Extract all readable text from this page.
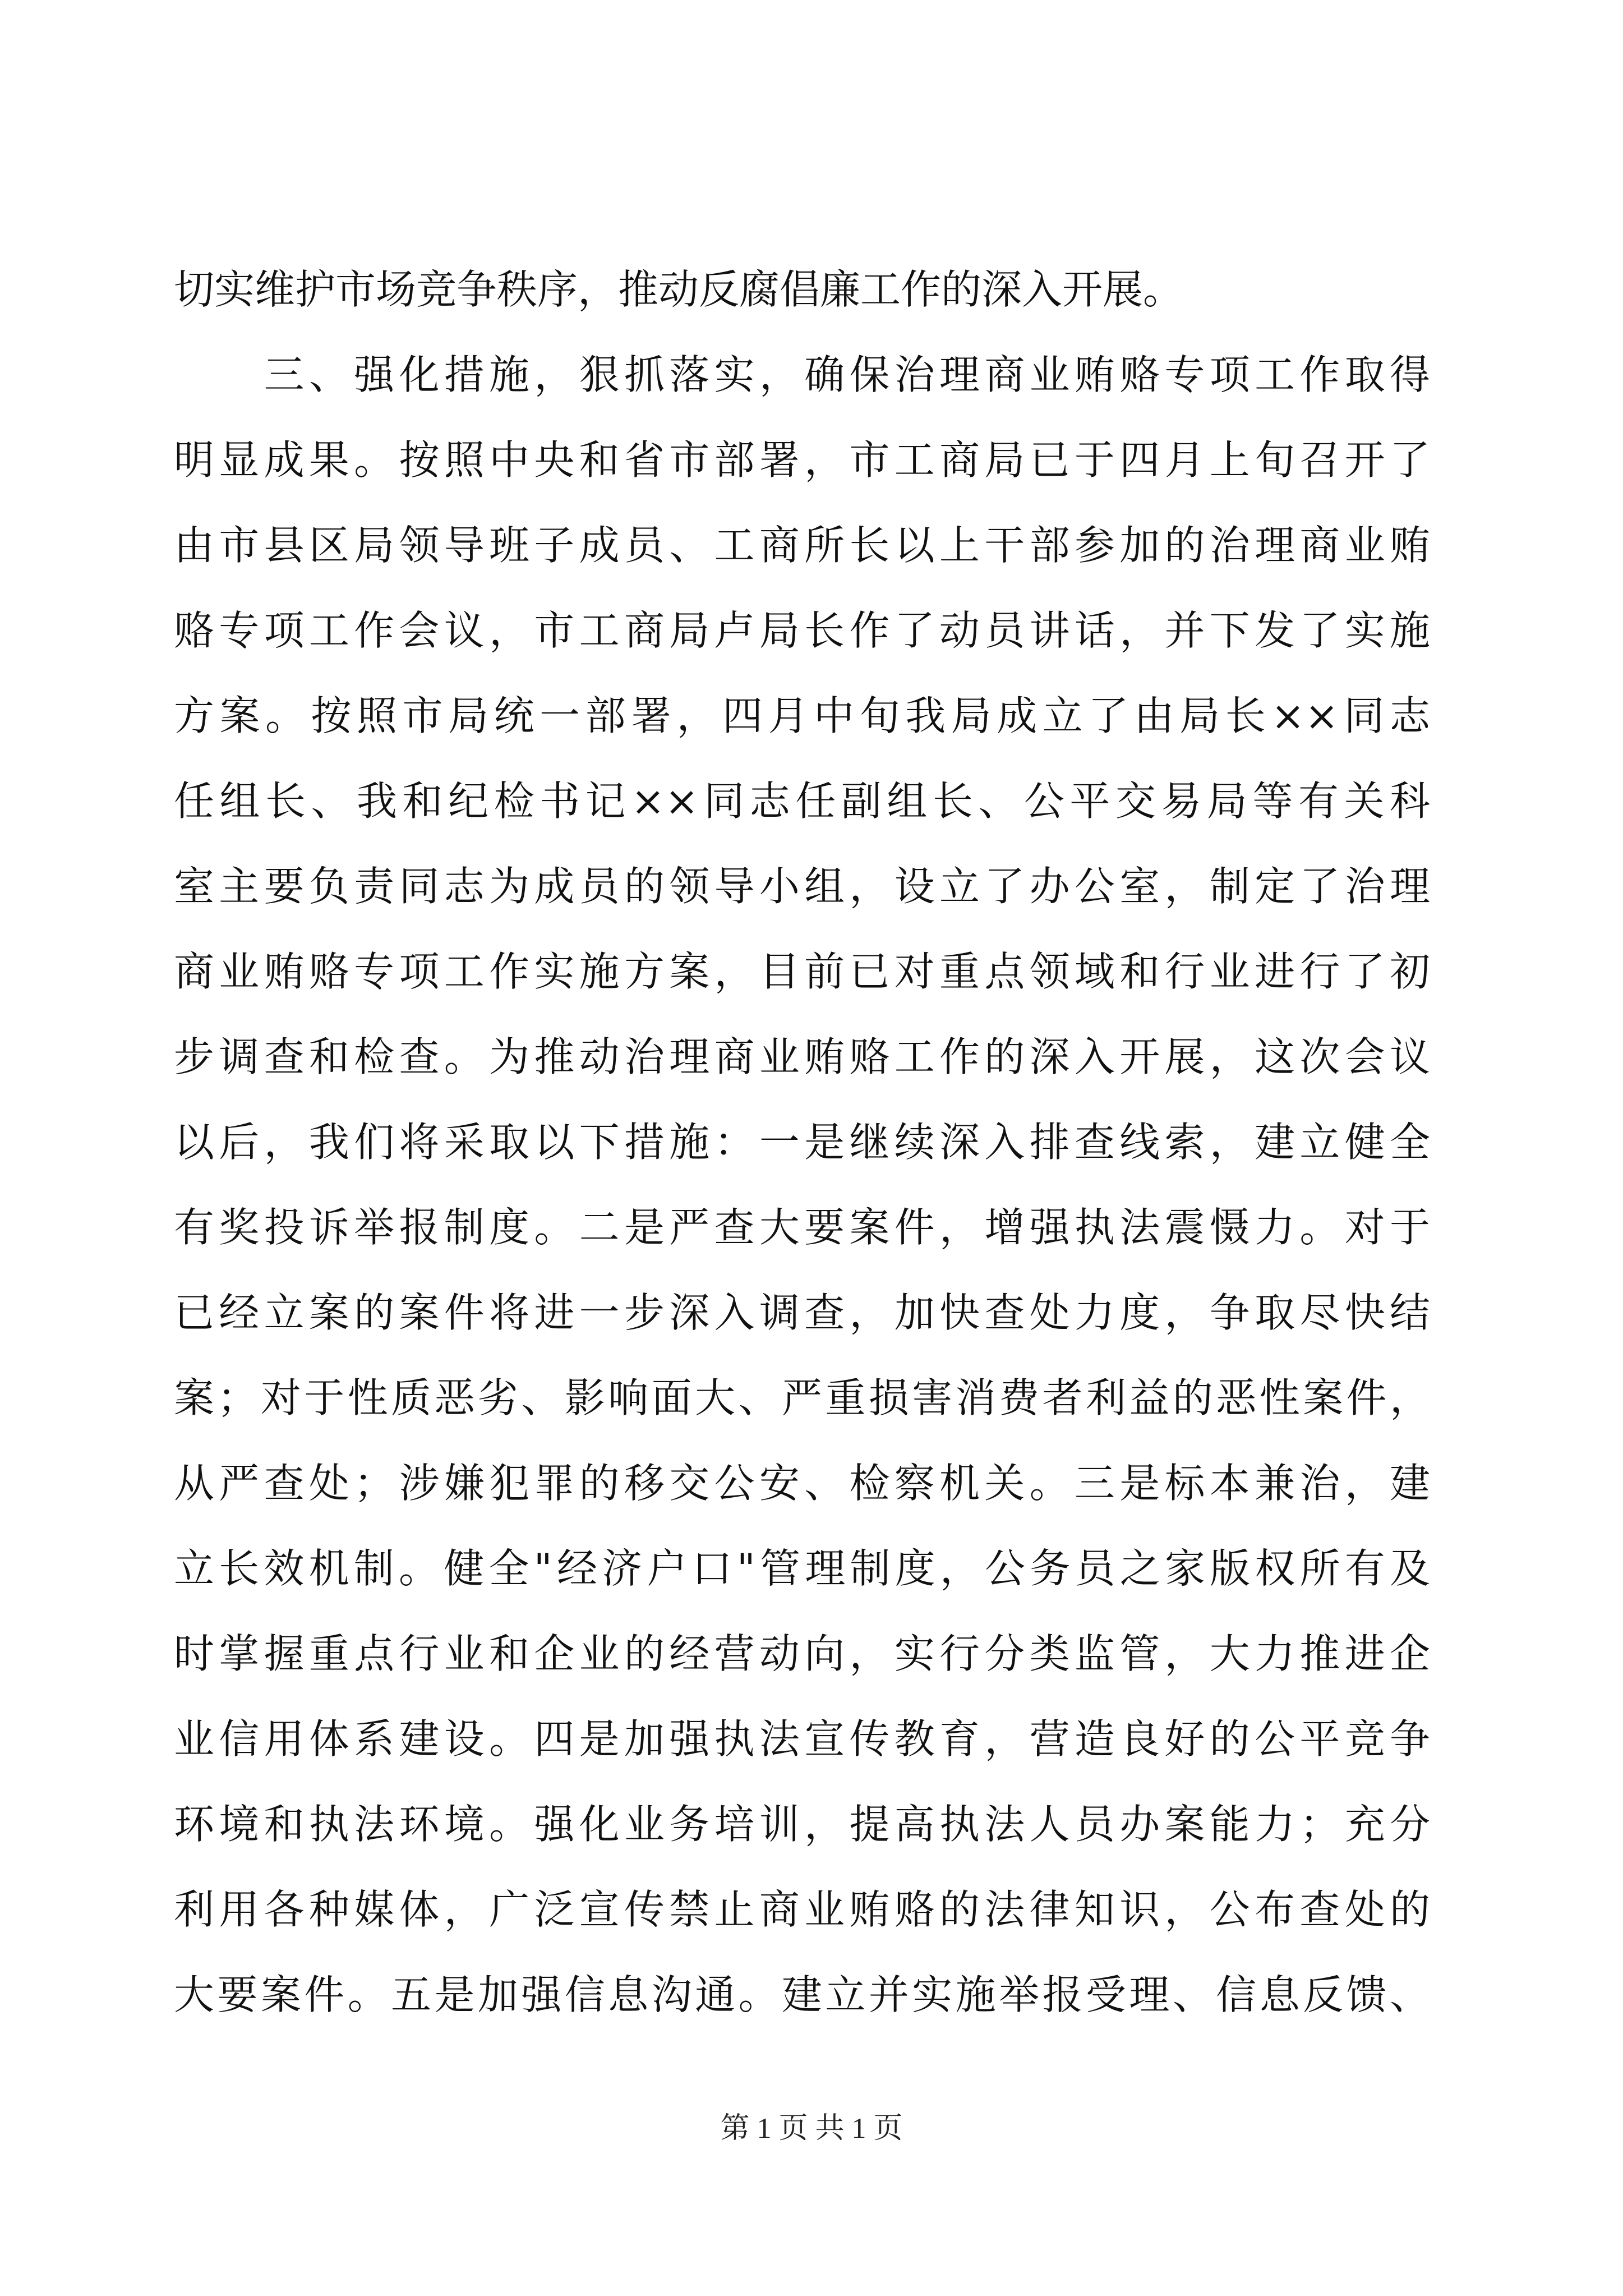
切实维护市场竞争秩序，推动反腐倡廉工作的深入开展。
　　三、强化措施，狠抓落实，确保治理商业贿赂专项工作取得
明显成果。按照中央和省市部署，市工商局已于四月上旬召开了
由市县区局领导班子成员、工商所长以上干部参加的治理商业贿
赂专项工作会议，市工商局卢局长作了动员讲话，并下发了实施
方案。按照市局统一部署，四月中旬我局成立了由局长××同志
任组长、我和纪检书记××同志任副组长、公平交易局等有关科
室主要负责同志为成员的领导小组，设立了办公室，制定了治理
商业贿赂专项工作实施方案，目前已对重点领域和行业进行了初
步调查和检查。为推动治理商业贿赂工作的深入开展，这次会议
以后，我们将采取以下措施：一是继续深入排查线索，建立健全
有奖投诉举报制度。二是严查大要案件，增强执法震慑力。对于
已经立案的案件将进一步深入调查，加快查处力度，争取尽快结
案；对于性质恶劣、影响面大、严重损害消费者利益的恶性案件，
从严查处；涉嫌犯罪的移交公安、检察机关。三是标本兼治，建
立长效机制。健全"经济户口"管理制度，公务员之家版权所有及
时掌握重点行业和企业的经营动向，实行分类监管，大力推进企
业信用体系建设。四是加强执法宣传教育，营造良好的公平竞争
环境和执法环境。强化业务培训，提高执法人员办案能力；充分
利用各种媒体，广泛宣传禁止商业贿赂的法律知识，公布查处的
大要案件。五是加强信息沟通。建立并实施举报受理、信息反馈、
第 1 页 共 1 页
